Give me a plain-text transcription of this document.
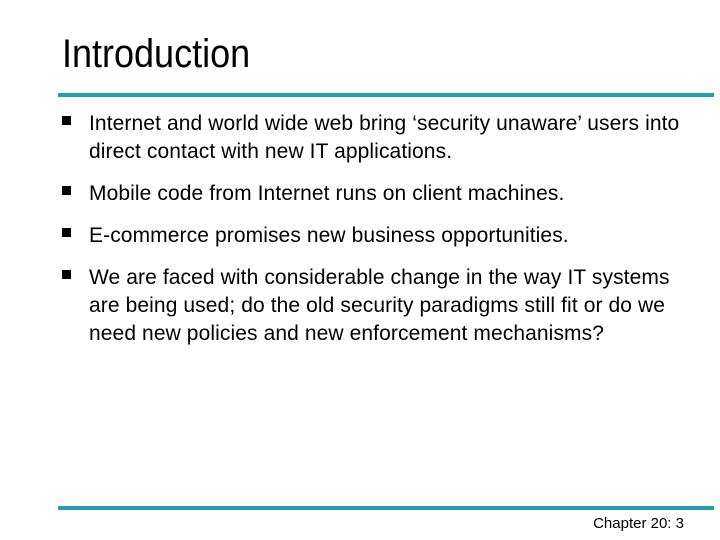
Introduction
Internet and world wide web bring ‘security unaware’ users into direct contact with new IT applications.
Mobile code from Internet runs on client machines.
E-commerce promises new business opportunities.
We are faced with considerable change in the way IT systems are being used; do the old security paradigms still fit or do we need new policies and new enforcement mechanisms?
Chapter 20: 3
